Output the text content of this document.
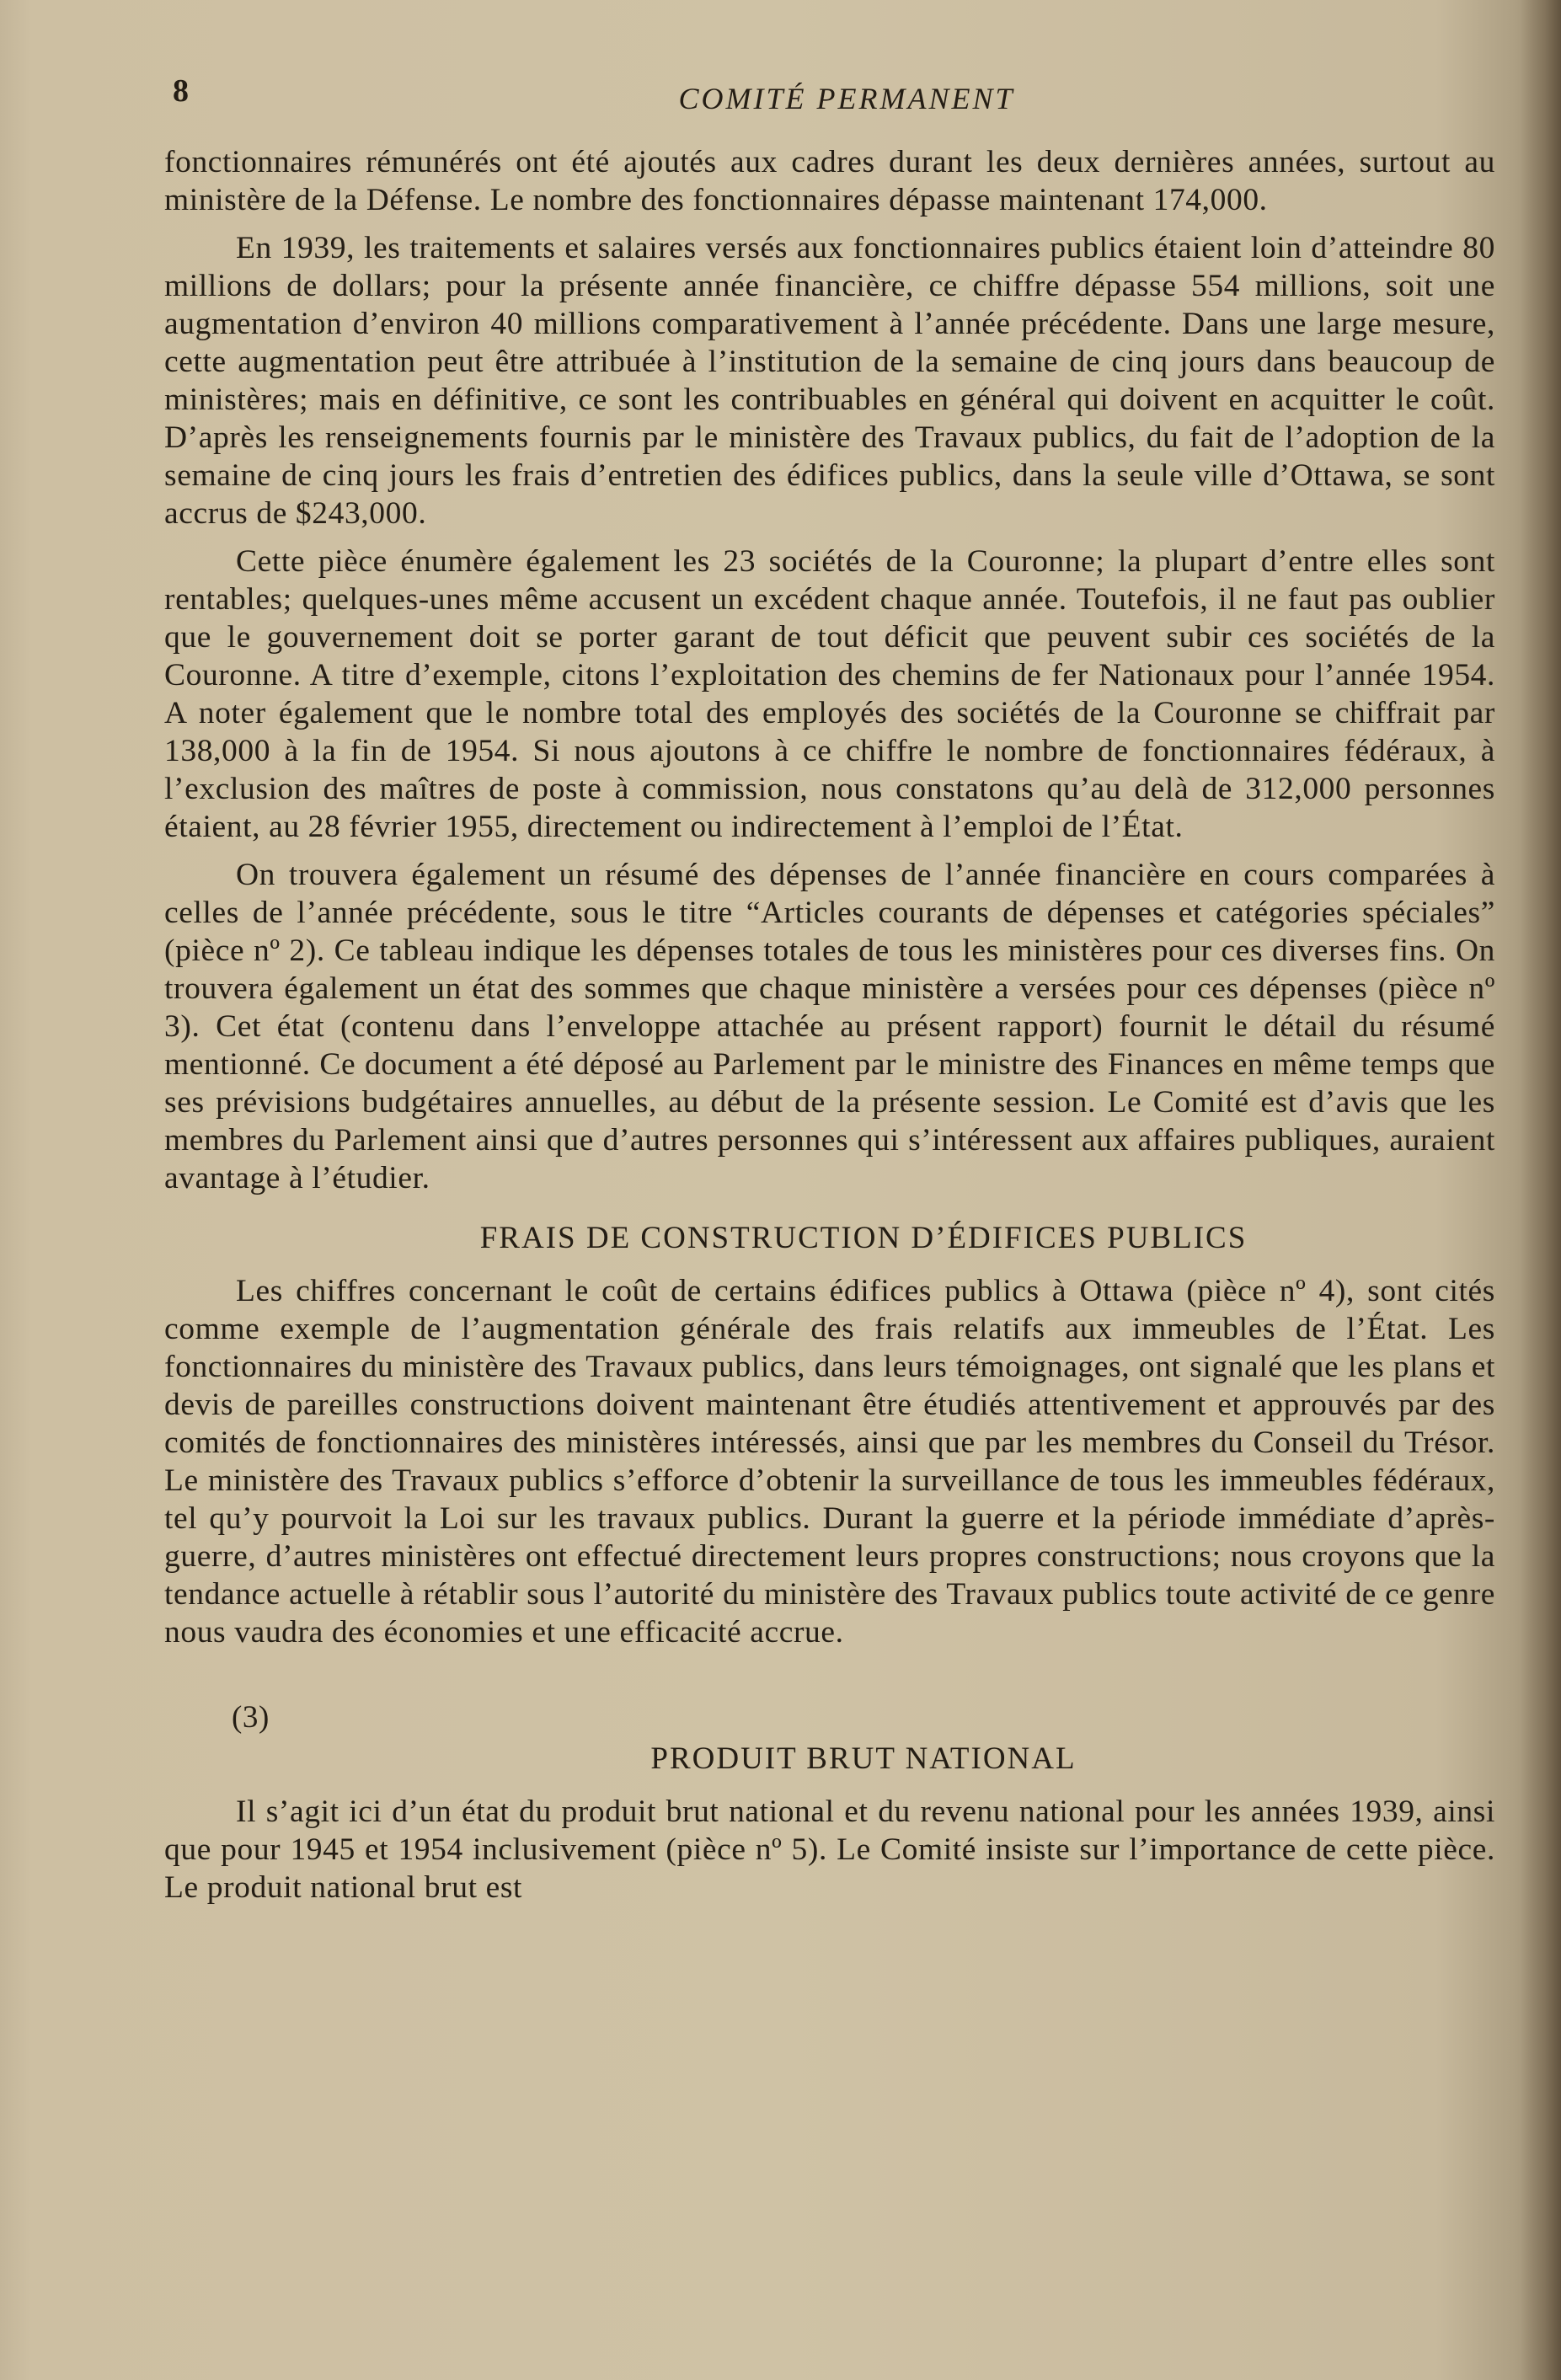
8	COMITÉ PERMANENT

fonctionnaires rémunérés ont été ajoutés aux cadres durant les deux dernières années, surtout au ministère de la Défense. Le nombre des fonctionnaires dépasse maintenant 174,000.

En 1939, les traitements et salaires versés aux fonctionnaires publics étaient loin d’atteindre 80 millions de dollars; pour la présente année financière, ce chiffre dépasse 554 millions, soit une augmentation d’environ 40 millions comparativement à l’année précédente. Dans une large mesure, cette augmentation peut être attribuée à l’institution de la semaine de cinq jours dans beaucoup de ministères; mais en définitive, ce sont les contribuables en général qui doivent en acquitter le coût. D’après les renseignements fournis par le ministère des Travaux publics, du fait de l’adoption de la semaine de cinq jours les frais d’entretien des édifices publics, dans la seule ville d’Ottawa, se sont accrus de $243,000.

Cette pièce énumère également les 23 sociétés de la Couronne; la plupart d’entre elles sont rentables; quelques-unes même accusent un excédent chaque année. Toutefois, il ne faut pas oublier que le gouvernement doit se porter garant de tout déficit que peuvent subir ces sociétés de la Couronne. A titre d’exemple, citons l’exploitation des chemins de fer Nationaux pour l’année 1954. A noter également que le nombre total des employés des sociétés de la Couronne se chiffrait par 138,000 à la fin de 1954. Si nous ajoutons à ce chiffre le nombre de fonctionnaires fédéraux, à l’exclusion des maîtres de poste à commission, nous constatons qu’au delà de 312,000 personnes étaient, au 28 février 1955, directement ou indirectement à l’emploi de l’État.

On trouvera également un résumé des dépenses de l’année financière en cours comparées à celles de l’année précédente, sous le titre “Articles courants de dépenses et catégories spéciales” (pièce nº 2). Ce tableau indique les dépenses totales de tous les ministères pour ces diverses fins. On trouvera également un état des sommes que chaque ministère a versées pour ces dépenses (pièce nº 3). Cet état (contenu dans l’enveloppe attachée au présent rapport) fournit le détail du résumé mentionné. Ce document a été déposé au Parlement par le ministre des Finances en même temps que ses prévisions budgétaires annuelles, au début de la présente session. Le Comité est d’avis que les membres du Parlement ainsi que d’autres personnes qui s’intéressent aux affaires publiques, auraient avantage à l’étudier.

FRAIS DE CONSTRUCTION D’ÉDIFICES PUBLICS

Les chiffres concernant le coût de certains édifices publics à Ottawa (pièce nº 4), sont cités comme exemple de l’augmentation générale des frais relatifs aux immeubles de l’État. Les fonctionnaires du ministère des Travaux publics, dans leurs témoignages, ont signalé que les plans et devis de pareilles constructions doivent maintenant être étudiés attentivement et approuvés par des comités de fonctionnaires des ministères intéressés, ainsi que par les membres du Conseil du Trésor. Le ministère des Travaux publics s’efforce d’obtenir la surveillance de tous les immeubles fédéraux, tel qu’y pourvoit la Loi sur les travaux publics. Durant la guerre et la période immédiate d’après-guerre, d’autres ministères ont effectué directement leurs propres constructions; nous croyons que la tendance actuelle à rétablir sous l’autorité du ministère des Travaux publics toute activité de ce genre nous vaudra des économies et une efficacité accrue.

(3)
PRODUIT BRUT NATIONAL

Il s’agit ici d’un état du produit brut national et du revenu national pour les années 1939, ainsi que pour 1945 et 1954 inclusivement (pièce nº 5). Le Comité insiste sur l’importance de cette pièce. Le produit national brut est
